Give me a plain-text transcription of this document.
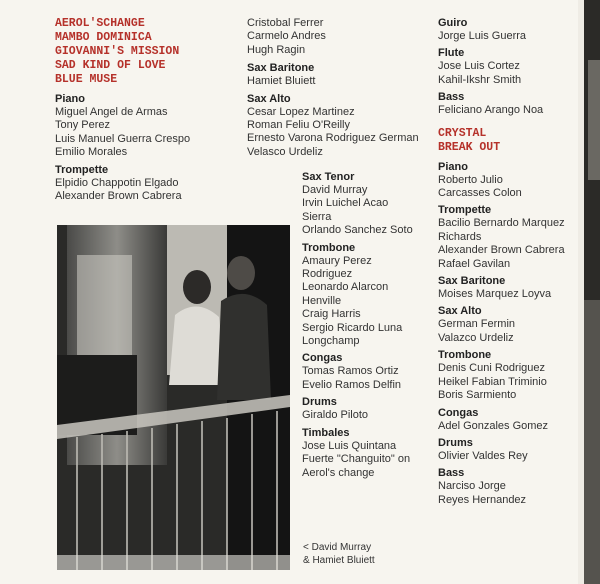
AEROL'SCHANGE
MAMBO DOMINICA
GIOVANNI'S MISSION
SAD KIND OF LOVE
BLUE MUSE
Piano
Miguel Angel de Armas
Tony Perez
Luis Manuel Guerra Crespo
Emilio Morales
Trompette
Elpidio Chappotin Elgado
Alexander Brown Cabrera
Cristobal Ferrer
Carmelo Andres
Hugh Ragin
Sax Baritone
Hamiet Bluiett
Sax Alto
Cesar Lopez Martinez
Roman Feliu O'Reilly
Ernesto Varona Rodriguez German
Velasco Urdeliz
Sax Tenor
David Murray
Irvin Luichel Acao
Sierra
Orlando Sanchez Soto
Trombone
Amaury Perez
Rodriguez
Leonardo Alarcon
Henville
Craig Harris
Sergio Ricardo Luna
Longchamp
Congas
Tomas Ramos Ortiz
Evelio Ramos Delfin
Drums
Giraldo Piloto
Timbales
Jose Luis Quintana
Fuerte "Changuito" on
Aerol's change
Guiro
Jorge Luis Guerra
Flute
Jose Luis Cortez
Kahil-Ikshr Smith
Bass
Feliciano Arango Noa
CRYSTAL
BREAK OUT
Piano
Roberto Julio
Carcasses Colon
Trompette
Bacilio Bernardo Marquez
Richards
Alexander Brown Cabrera
Rafael Gavilan
Sax Baritone
Moises Marquez Loyva
Sax Alto
German Fermin
Valazco Urdeliz
Trombone
Denis Cuni Rodriguez
Heikel Fabian Triminio
Boris Sarmiento
Congas
Adel Gonzales Gomez
Drums
Olivier Valdes Rey
Bass
Narciso Jorge
Reyes Hernandez
< David Murray
& Hamiet Bluiett
